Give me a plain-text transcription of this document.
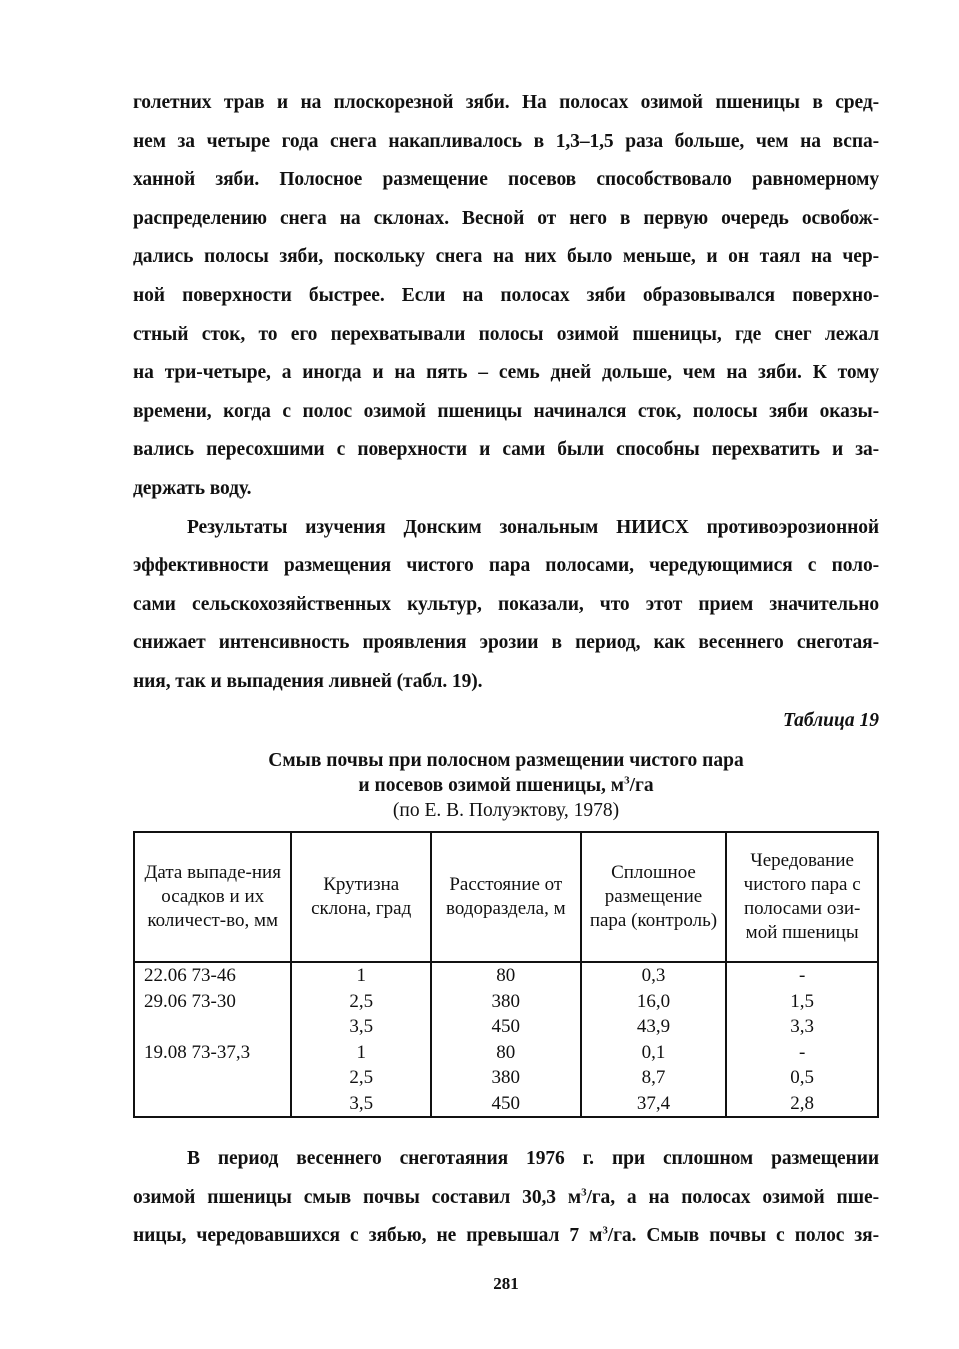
голетних трав и на плоскорезной зяби. На полосах озимой пшеницы в сред-
нем за четыре года снега накапливалось в 1,3–1,5 раза больше, чем на вспа-
ханной зяби. Полосное размещение посевов способствовало равномерному
распределению снега на склонах. Весной от него в первую очередь освобож-
дались полосы зяби, поскольку снега на них было меньше, и он таял на чер-
ной поверхности быстрее. Если на полосах зяби образовывался поверхно-
стный сток, то его перехватывали полосы озимой пшеницы, где снег лежал
на три-четыре, а иногда и на пять – семь дней дольше, чем на зяби. К тому
времени, когда с полос озимой пшеницы начинался сток, полосы зяби оказы-
вались пересохшими с поверхности и сами были способны перехватить и за-
держать воду.
Результаты изучения Донским зональным НИИСХ противоэрозионной
эффективности размещения чистого пара полосами, чередующимися с поло-
сами сельскохозяйственных культур, показали, что этот прием значительно
снижает интенсивность проявления эрозии в период, как весеннего снеготая-
ния, так и выпадения ливней (табл. 19).
Таблица 19
Смыв почвы при полосном размещении чистого пара
и посевов озимой пшеницы, $м^3/га$
(по Е. В. Полуэктову, 1978)
Дата выпаде-ния осадков и их количест-во, мм	Крутизна склона, град	Расстояние от водораздела, м	Сплошное размещение пара (контроль)	Чередование чистого пара с полосами ози-мой пшеницы
22.06 73-46	1	80	0,3	-
29.06 73-30	2,5	380	16,0	1,5
	3,5	450	43,9	3,3
19.08 73-37,3	1	80	0,1	-
	2,5	380	8,7	0,5
	3,5	450	37,4	2,8
В период весеннего снеготаяния 1976 г. при сплошном размещении
озимой пшеницы смыв почвы составил 30,3 $м^3/га$, а на полосах озимой пше-
ницы, чередовавшихся с зябью, не превышал 7 $м^3/га$. Смыв почвы с полос зя-
281
